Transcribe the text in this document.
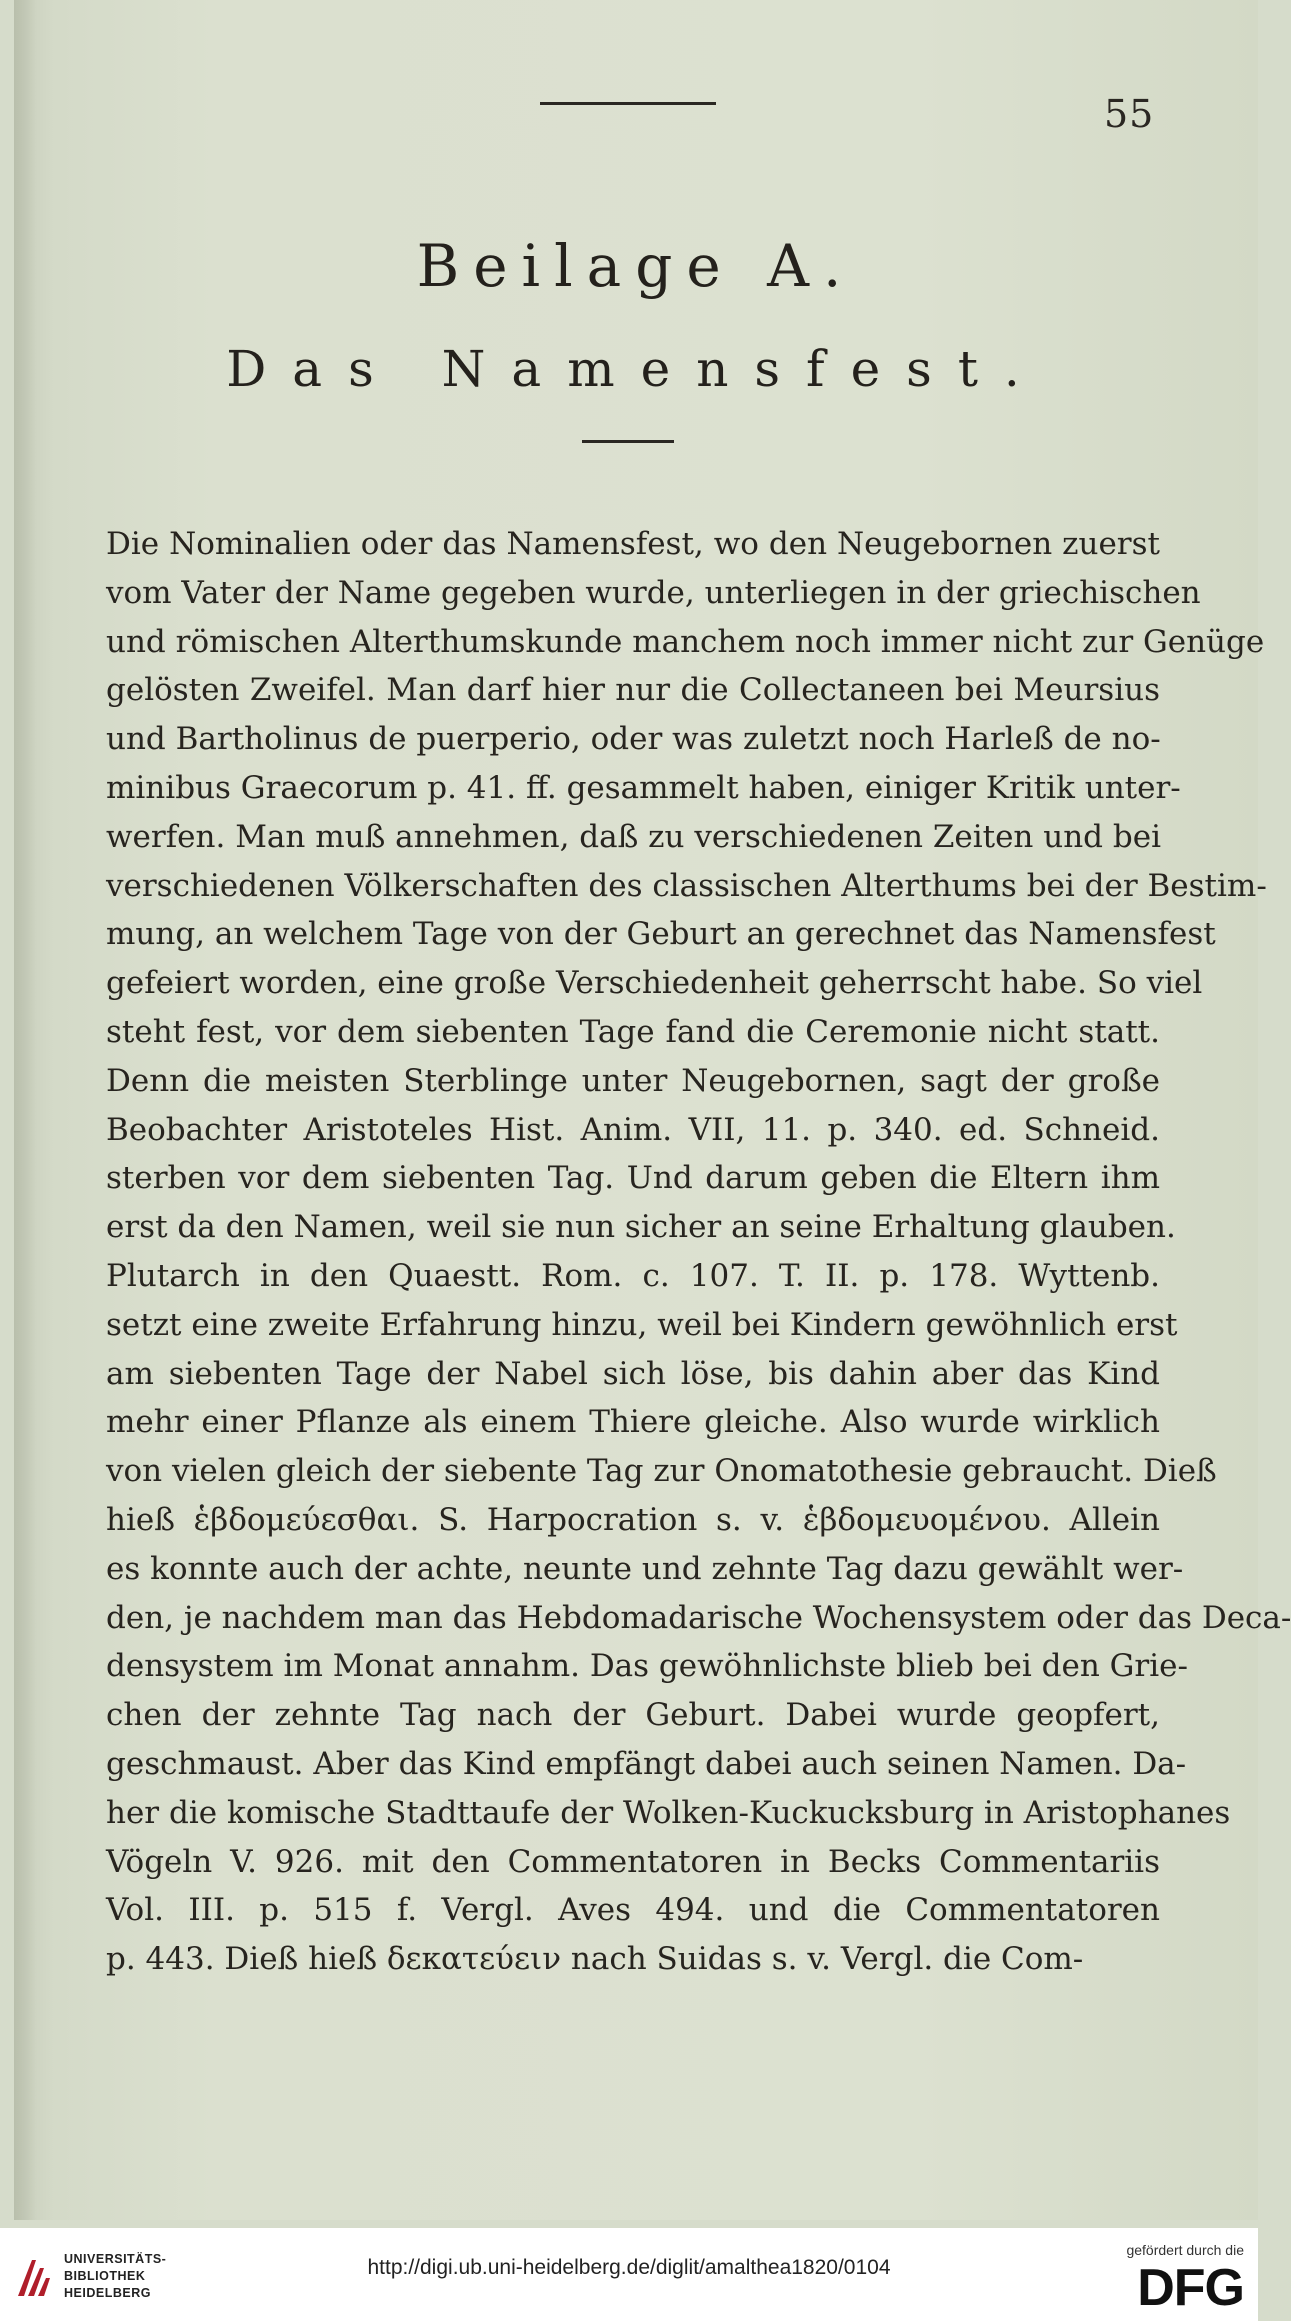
55
Beilage A.
Das Namensfest.
Die Nominalien oder das Namensfest, wo den Neugebornen zuerst
vom Vater der Name gegeben wurde, unterliegen in der griechischen
und römischen Alterthumskunde manchem noch immer nicht zur Genüge
gelösten Zweifel. Man darf hier nur die Collectaneen bei Meursius
und Bartholinus de puerperio, oder was zuletzt noch Harleß de no-
minibus Graecorum p. 41. ff. gesammelt haben, einiger Kritik unter-
werfen. Man muß annehmen, daß zu verschiedenen Zeiten und bei
verschiedenen Völkerschaften des classischen Alterthums bei der Bestim-
mung, an welchem Tage von der Geburt an gerechnet das Namensfest
gefeiert worden, eine große Verschiedenheit geherrscht habe. So viel
steht fest, vor dem siebenten Tage fand die Ceremonie nicht statt.
Denn die meisten Sterblinge unter Neugebornen, sagt der große
Beobachter Aristoteles Hist. Anim. VII, 11. p. 340. ed. Schneid.
sterben vor dem siebenten Tag. Und darum geben die Eltern ihm
erst da den Namen, weil sie nun sicher an seine Erhaltung glauben.
Plutarch in den Quaestt. Rom. c. 107. T. II. p. 178. Wyttenb.
setzt eine zweite Erfahrung hinzu, weil bei Kindern gewöhnlich erst
am siebenten Tage der Nabel sich löse, bis dahin aber das Kind
mehr einer Pflanze als einem Thiere gleiche. Also wurde wirklich
von vielen gleich der siebente Tag zur Onomatothesie gebraucht. Dieß
hieß ἑβδομεύεσθαι. S. Harpocration s. v. ἑβδομευομένου. Allein
es konnte auch der achte, neunte und zehnte Tag dazu gewählt wer-
den, je nachdem man das Hebdomadarische Wochensystem oder das Deca-
densystem im Monat annahm. Das gewöhnlichste blieb bei den Grie-
chen der zehnte Tag nach der Geburt. Dabei wurde geopfert,
geschmaust. Aber das Kind empfängt dabei auch seinen Namen. Da-
her die komische Stadttaufe der Wolken-Kuckucksburg in Aristophanes
Vögeln V. 926. mit den Commentatoren in Becks Commentariis
Vol. III. p. 515 f. Vergl. Aves 494. und die Commentatoren
p. 443. Dieß hieß δεκατεύειν nach Suidas s. v. Vergl. die Com-
UNIVERSITÄTS-
BIBLIOTHEK
HEIDELBERG
http://digi.ub.uni-heidelberg.de/diglit/amalthea1820/0104
gefördert durch die
DFG
